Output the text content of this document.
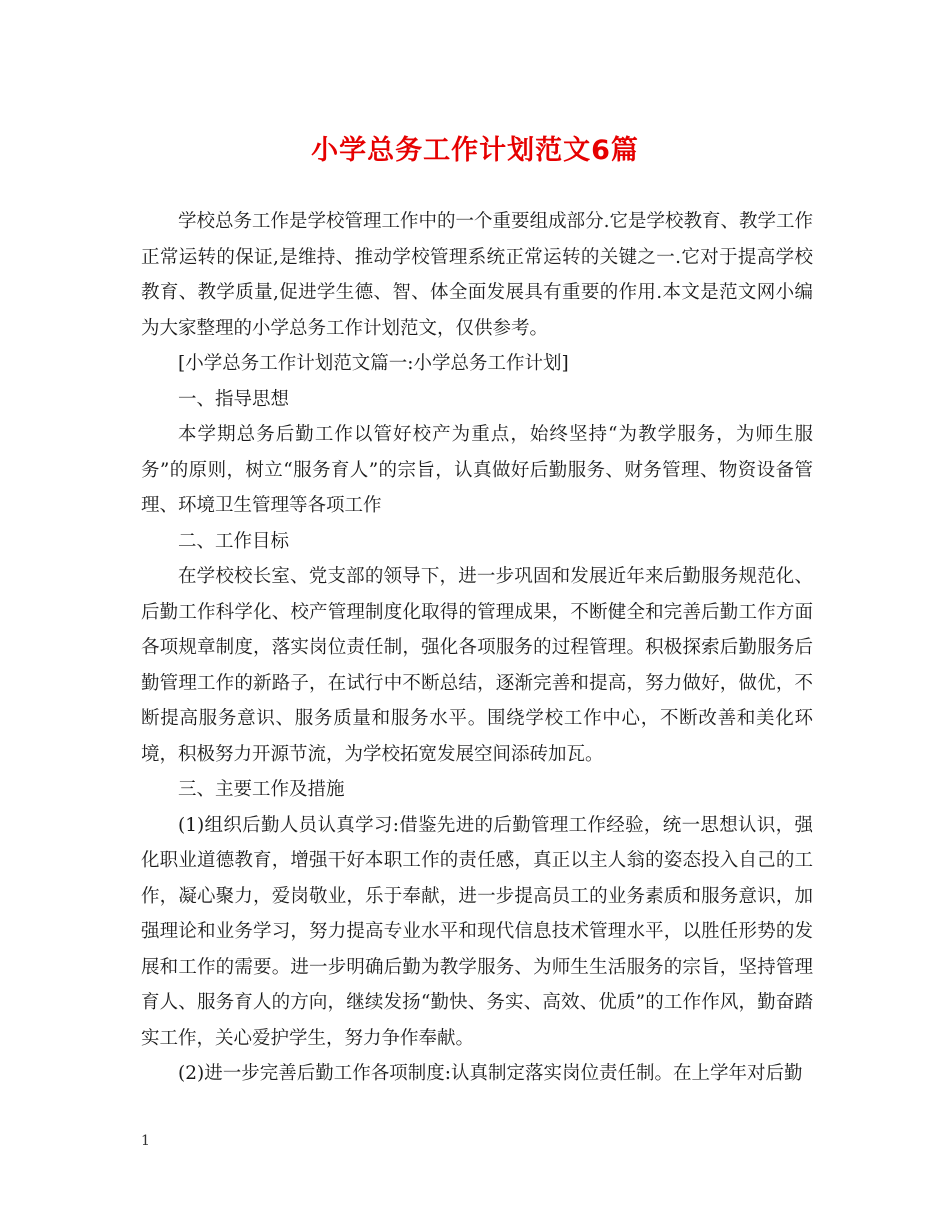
小学总务工作计划范文6篇

学校总务工作是学校管理工作中的一个重要组成部分.它是学校教育、教学工作正常运转的保证,是维持、推动学校管理系统正常运转的关键之一.它对于提高学校教育、教学质量,促进学生德、智、体全面发展具有重要的作用.本文是范文网小编为大家整理的小学总务工作计划范文，仅供参考。

[小学总务工作计划范文篇一:小学总务工作计划]

一、指导思想

本学期总务后勤工作以管好校产为重点，始终坚持“为教学服务，为师生服务”的原则，树立“服务育人”的宗旨，认真做好后勤服务、财务管理、物资设备管理、环境卫生管理等各项工作

二、工作目标

在学校校长室、党支部的领导下，进一步巩固和发展近年来后勤服务规范化、后勤工作科学化、校产管理制度化取得的管理成果，不断健全和完善后勤工作方面各项规章制度，落实岗位责任制，强化各项服务的过程管理。积极探索后勤服务后勤管理工作的新路子，在试行中不断总结，逐渐完善和提高，努力做好，做优，不断提高服务意识、服务质量和服务水平。围绕学校工作中心，不断改善和美化环境，积极努力开源节流，为学校拓宽发展空间添砖加瓦。

三、主要工作及措施

(1)组织后勤人员认真学习:借鉴先进的后勤管理工作经验，统一思想认识，强化职业道德教育，增强干好本职工作的责任感，真正以主人翁的姿态投入自己的工作，凝心聚力，爱岗敬业，乐于奉献，进一步提高员工的业务素质和服务意识，加强理论和业务学习，努力提高专业水平和现代信息技术管理水平，以胜任形势的发展和工作的需要。进一步明确后勤为教学服务、为师生生活服务的宗旨，坚持管理育人、服务育人的方向，继续发扬“勤快、务实、高效、优质”的工作作风，勤奋踏实工作，关心爱护学生，努力争作奉献。

(2)进一步完善后勤工作各项制度:认真制定落实岗位责任制。在上学年对后勤

1
